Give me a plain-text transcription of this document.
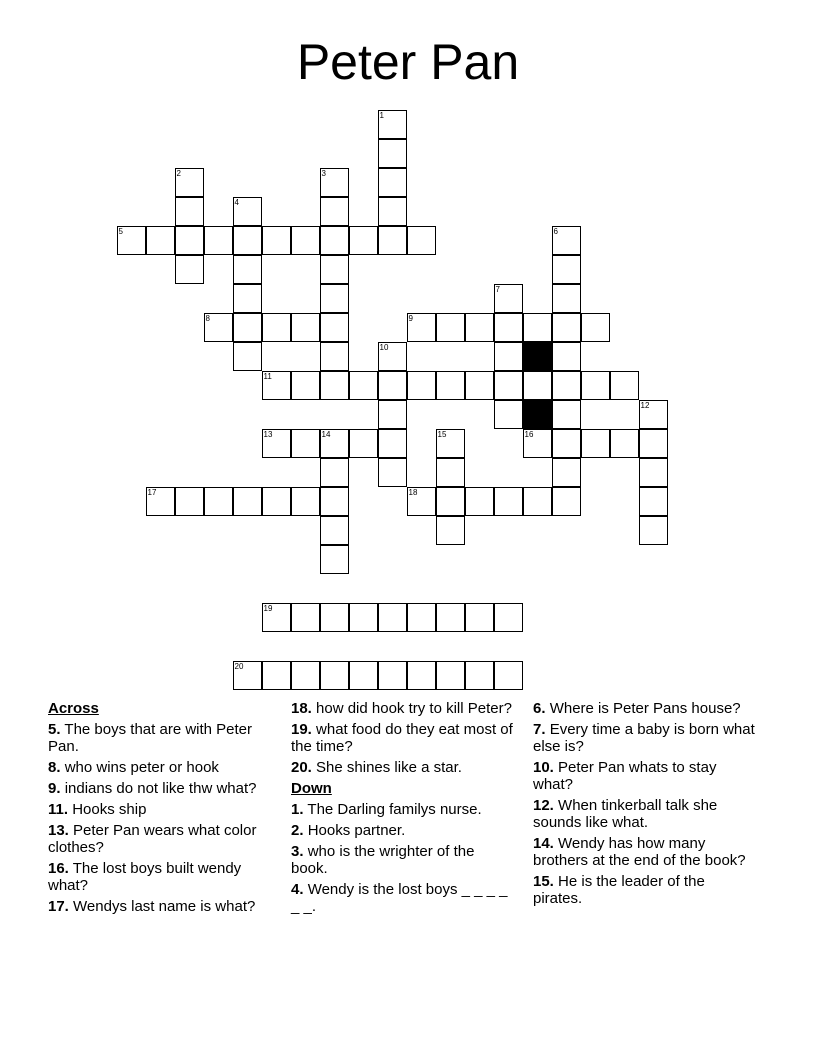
Peter Pan
1
2	3
4
5	6
7
8	9
10
11
12
13	14	15	16
17	18
19
20
Across
5. The boys that are with Peter Pan.
8. who wins peter or hook
9. indians do not like thw what?
11. Hooks ship
13. Peter Pan wears what color clothes?
16. The lost boys built wendy what?
17. Wendys last name is what?
18. how did hook try to kill Peter?
19. what food do they eat most of the time?
20. She shines like a star.
Down
1. The Darling familys nurse.
2. Hooks partner.
3. who is the wrighter of the book.
4. Wendy is the lost boys _ _ _ _ _ _.
6. Where is Peter Pans house?
7. Every time a baby is born what else is?
10. Peter Pan whats to stay what?
12. When tinkerball talk she sounds like what.
14. Wendy has how many brothers at the end of the book?
15. He is the leader of the pirates.
